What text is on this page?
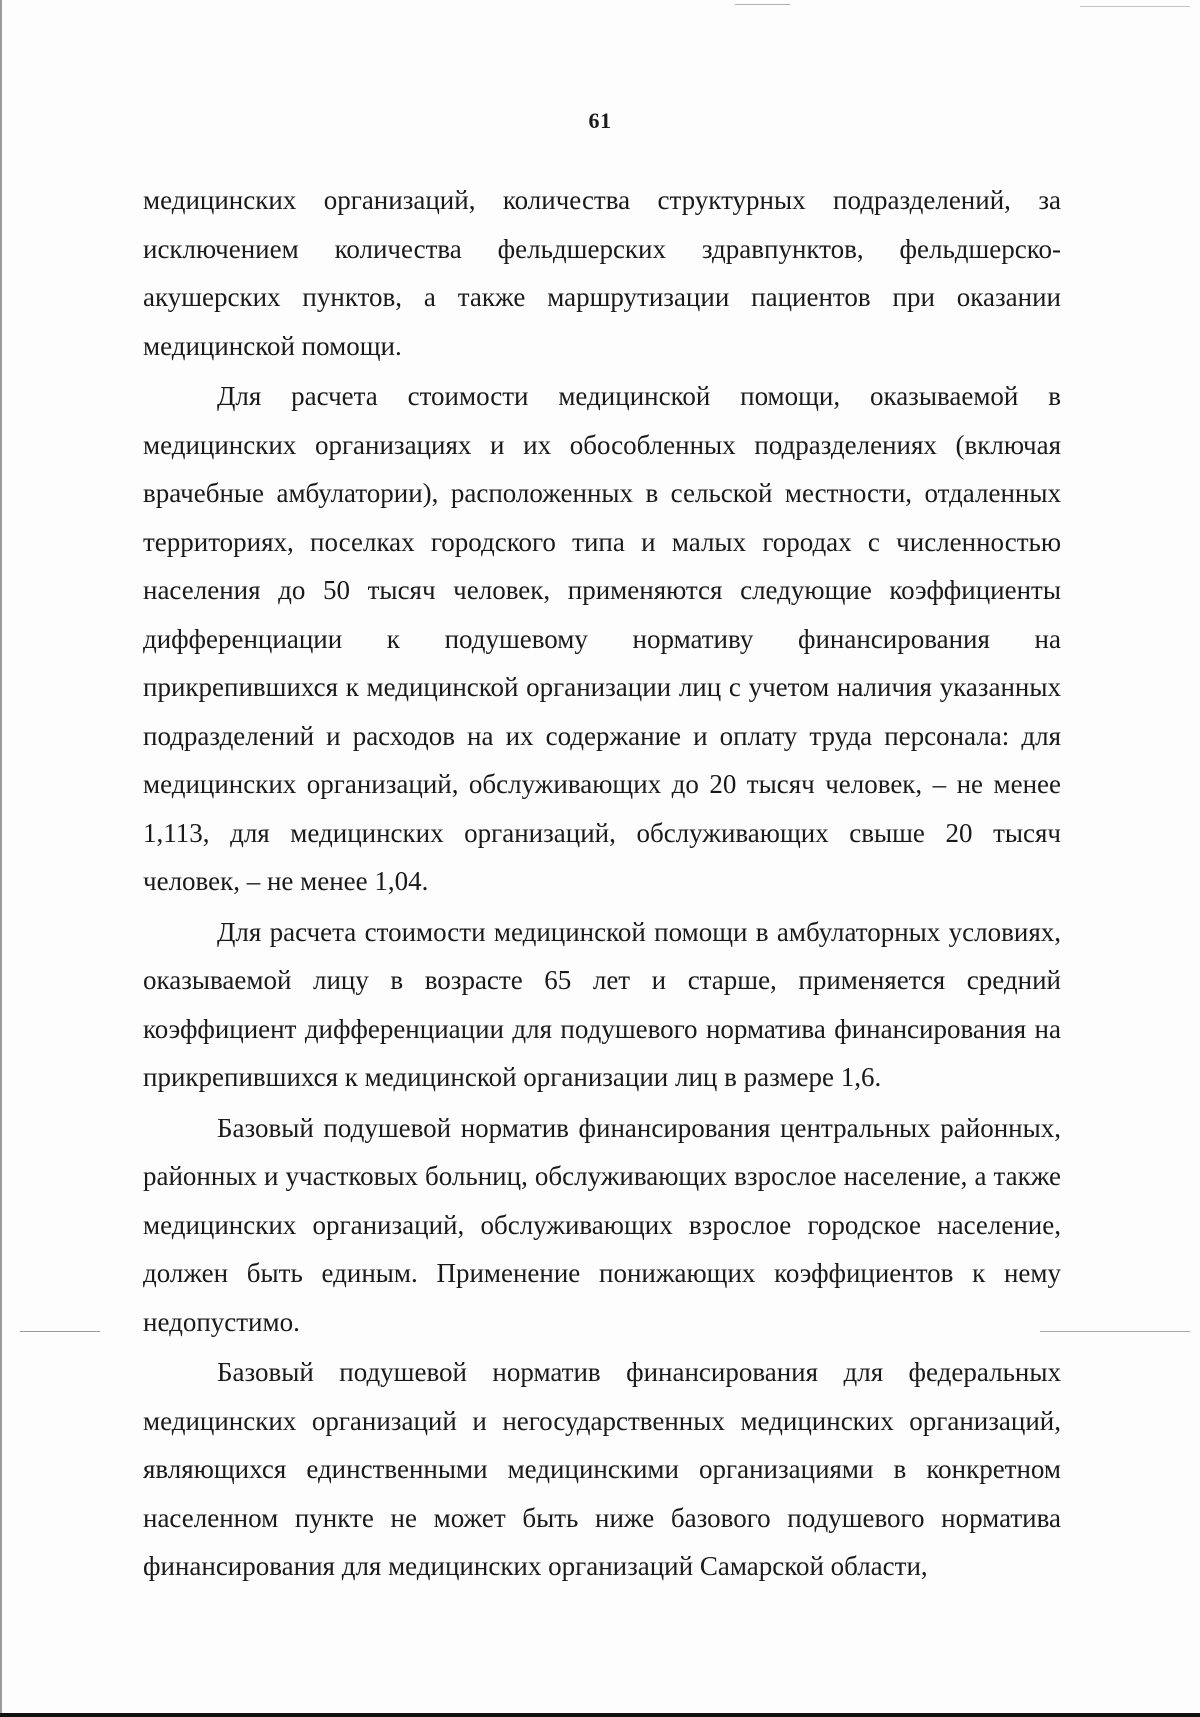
61

медицинских организаций, количества структурных подразделений, за исключением количества фельдшерских здравпунктов, фельдшерско-акушерских пунктов, а также маршрутизации пациентов при оказании медицинской помощи.

Для расчета стоимости медицинской помощи, оказываемой в медицинских организациях и их обособленных подразделениях (включая врачебные амбулатории), расположенных в сельской местности, отдаленных территориях, поселках городского типа и малых городах с численностью населения до 50 тысяч человек, применяются следующие коэффициенты дифференциации к подушевому нормативу финансирования на прикрепившихся к медицинской организации лиц с учетом наличия указанных подразделений и расходов на их содержание и оплату труда персонала: для медицинских организаций, обслуживающих до 20 тысяч человек, – не менее 1,113, для медицинских организаций, обслуживающих свыше 20 тысяч человек, – не менее 1,04.

Для расчета стоимости медицинской помощи в амбулаторных условиях, оказываемой лицу в возрасте 65 лет и старше, применяется средний коэффициент дифференциации для подушевого норматива финансирования на прикрепившихся к медицинской организации лиц в размере 1,6.

Базовый подушевой норматив финансирования центральных районных, районных и участковых больниц, обслуживающих взрослое население, а также медицинских организаций, обслуживающих взрослое городское население, должен быть единым. Применение понижающих коэффициентов к нему недопустимо.

Базовый подушевой норматив финансирования для федеральных медицинских организаций и негосударственных медицинских организаций, являющихся единственными медицинскими организациями в конкретном населенном пункте не может быть ниже базового подушевого норматива финансирования для медицинских организаций Самарской области,
